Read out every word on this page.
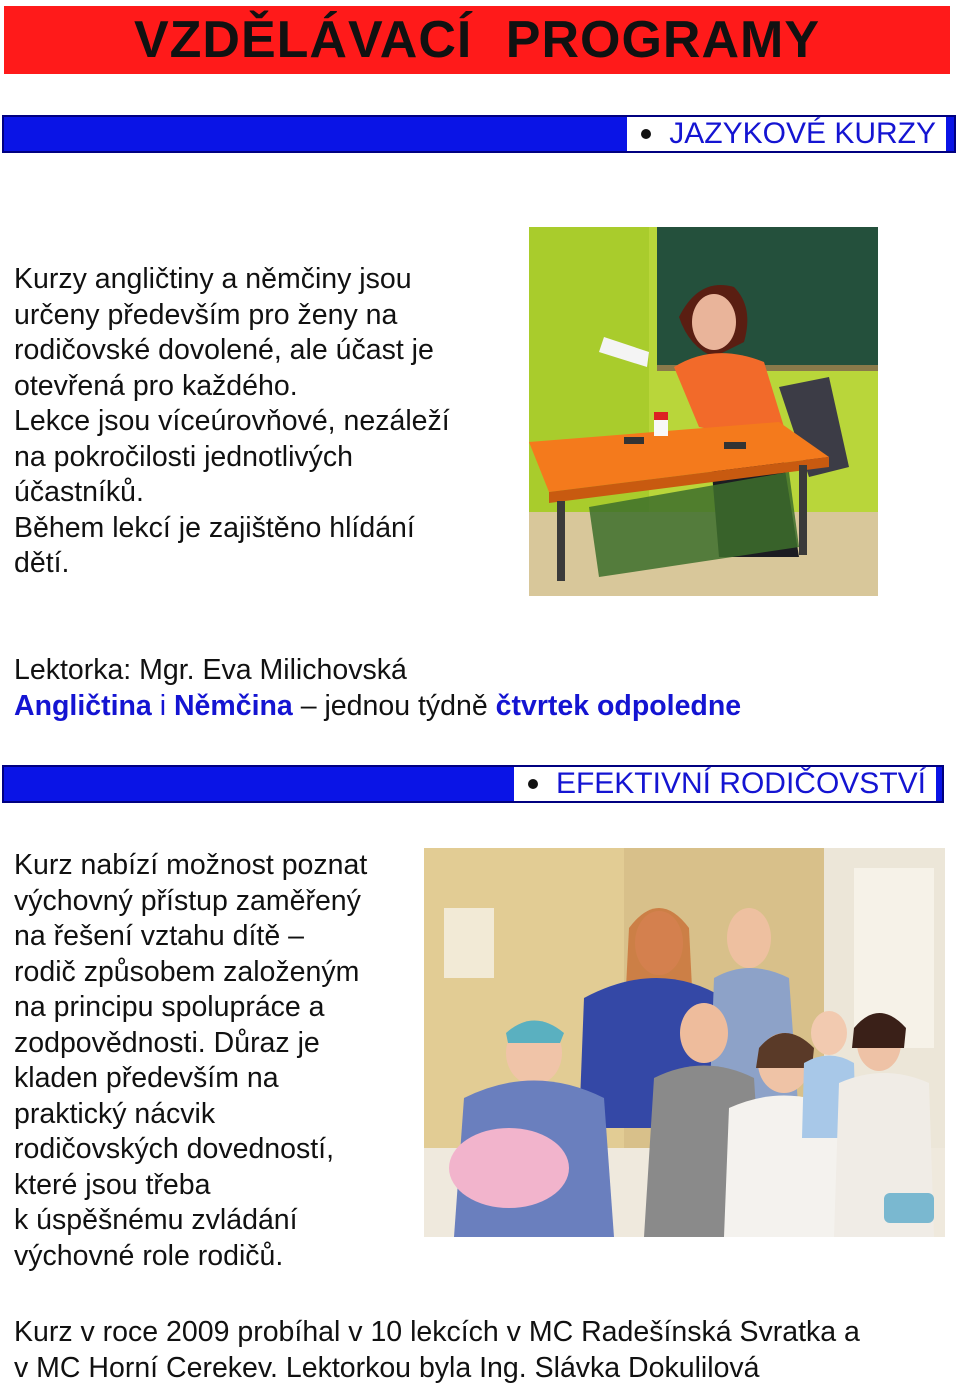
VZDĚLÁVACÍ PROGRAMY
JAZYKOVÉ KURZY

Kurzy angličtiny a němčiny jsou

určeny především pro ženy na

rodičovské dovolené, ale účast je

otevřená pro každého.

Lekce jsou víceúrovňové, nezáleží

na pokročilosti jednotlivých

účastníků.

Během lekcí je zajištěno hlídání

dětí.

Lektorka: Mgr. Eva Milichovská

Angličtina i Němčina – jednou týdně čtvrtek odpoledne

EFEKTIVNÍ RODIČOVSTVÍ

Kurz nabízí možnost poznat

výchovný přístup zaměřený

na řešení vztahu dítě –

rodič způsobem založeným

na principu spolupráce a

zodpovědnosti. Důraz je

kladen především na

praktický nácvik

rodičovských dovedností,

které jsou třeba

k úspěšnému zvládání

výchovné role rodičů.

Kurz v roce 2009 probíhal v 10 lekcích v MC Radešínská Svratka a

v MC Horní Cerekev. Lektorkou byla Ing. Slávka Dokulilová
